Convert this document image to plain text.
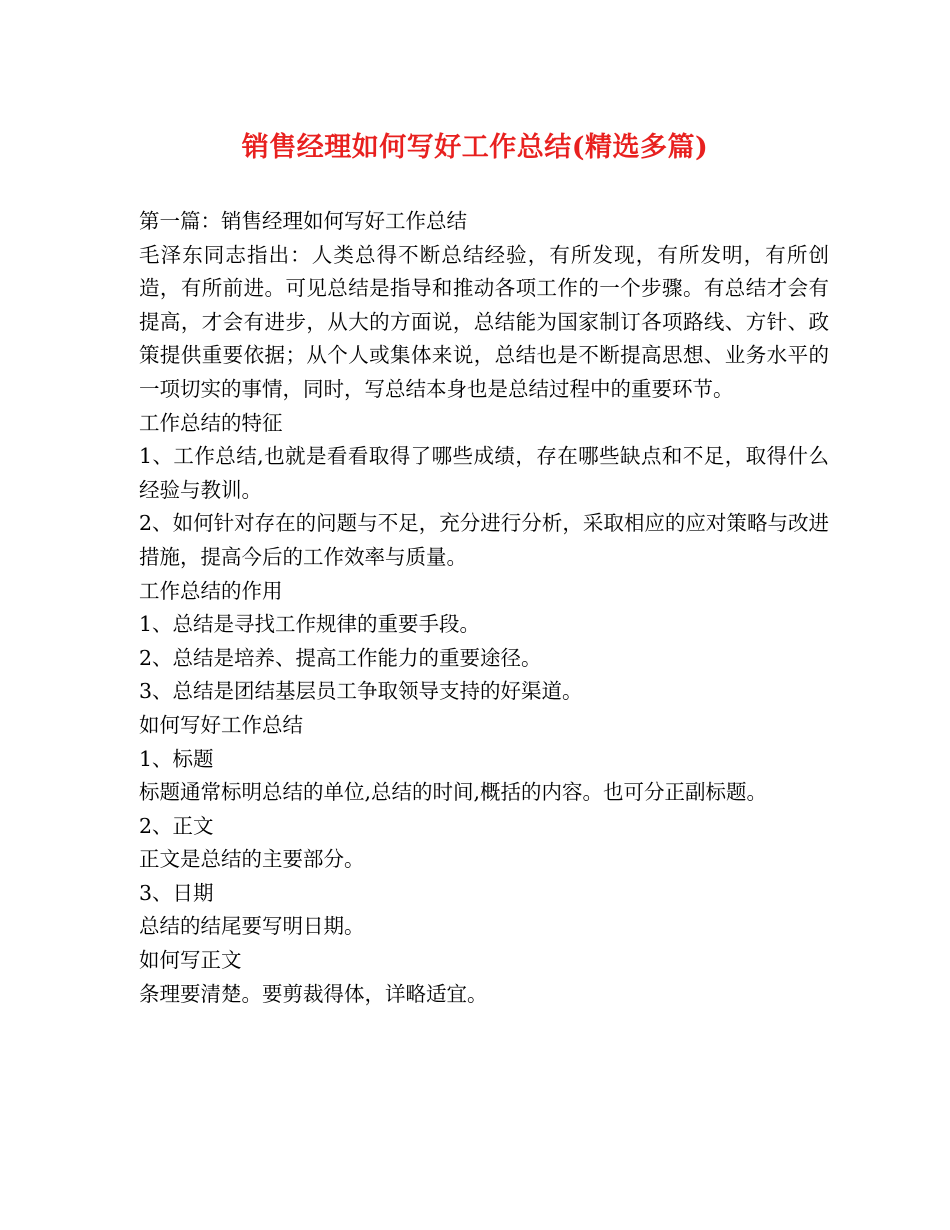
销售经理如何写好工作总结(精选多篇)

第一篇：销售经理如何写好工作总结

毛泽东同志指出：人类总得不断总结经验，有所发现，有所发明，有所创造，有所前进。可见总结是指导和推动各项工作的一个步骤。有总结才会有提高，才会有进步，从大的方面说，总结能为国家制订各项路线、方针、政策提供重要依据；从个人或集体来说，总结也是不断提高思想、业务水平的一项切实的事情，同时，写总结本身也是总结过程中的重要环节。

工作总结的特征

1、工作总结,也就是看看取得了哪些成绩，存在哪些缺点和不足，取得什么经验与教训。

2、如何针对存在的问题与不足，充分进行分析，采取相应的应对策略与改进措施，提高今后的工作效率与质量。

工作总结的作用

1、总结是寻找工作规律的重要手段。

2、总结是培养、提高工作能力的重要途径。

3、总结是团结基层员工争取领导支持的好渠道。

如何写好工作总结

1、标题

标题通常标明总结的单位,总结的时间,概括的内容。也可分正副标题。

2、正文

正文是总结的主要部分。

3、日期

总结的结尾要写明日期。

如何写正文

条理要清楚。要剪裁得体，详略适宜。
